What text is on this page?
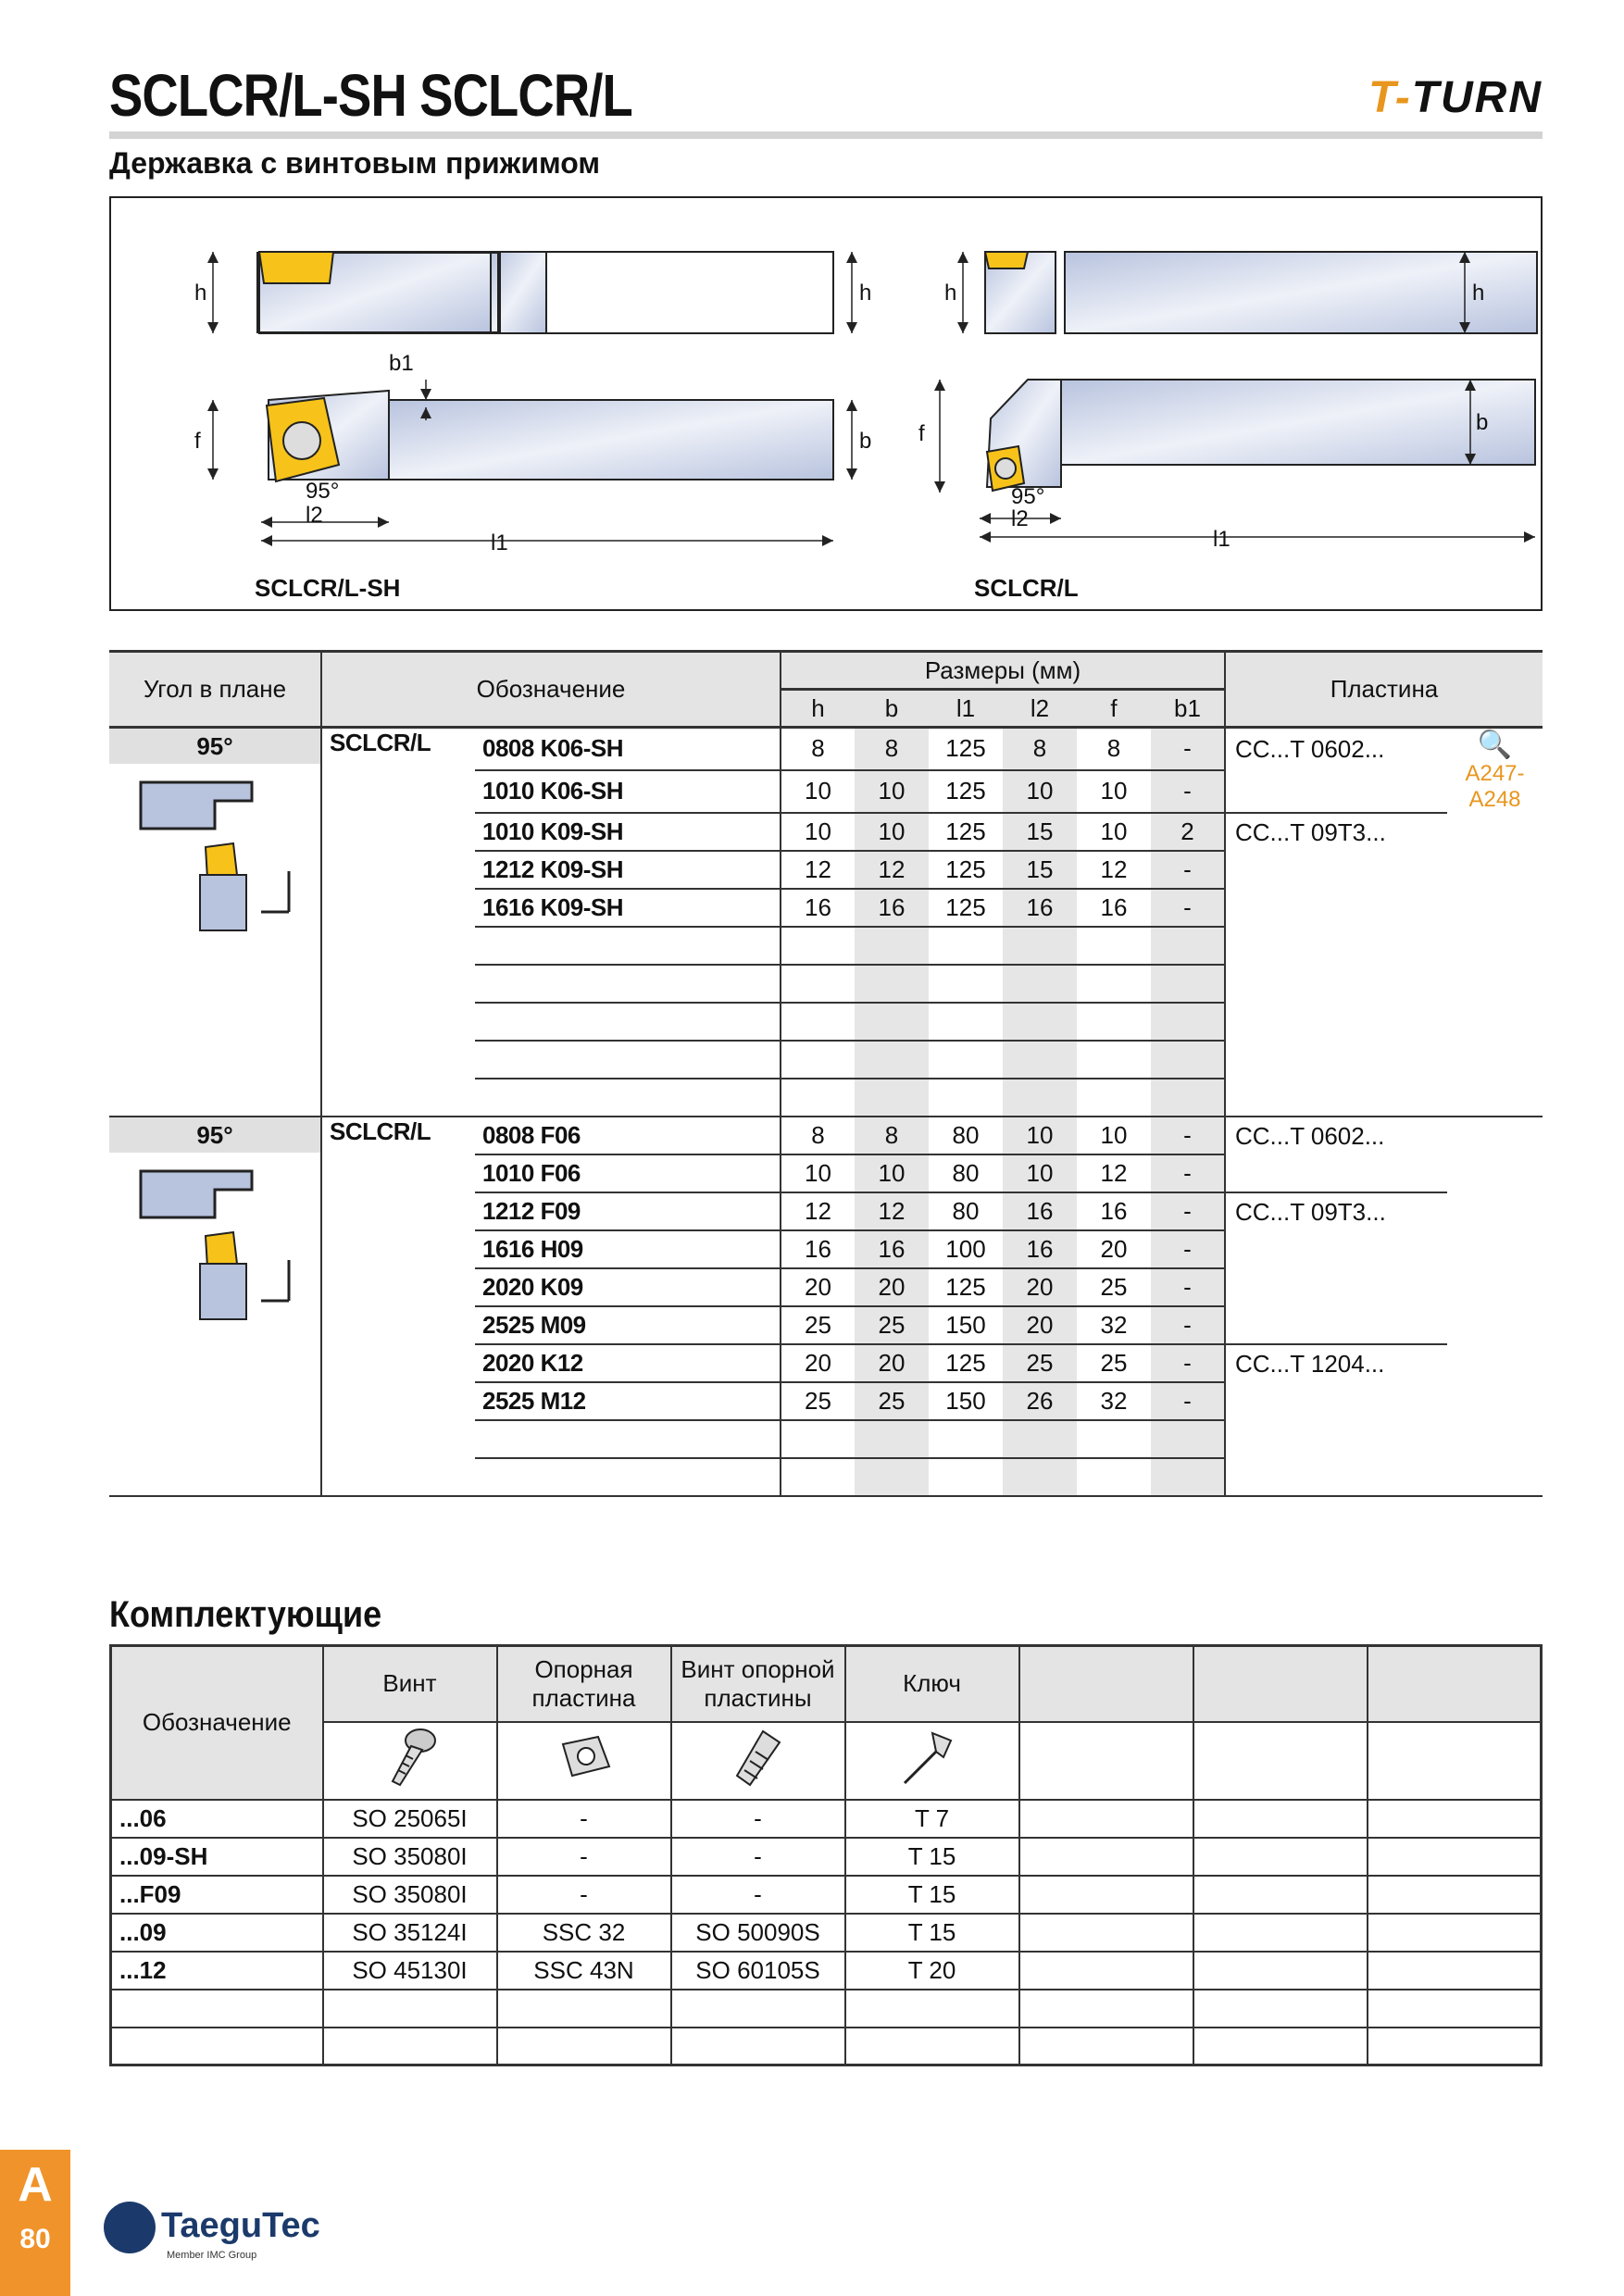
SCLCR/L-SH SCLCR/L	T-TURN
Державка с винтовым прижимом
h	h
f	b
b1
95°
l2
l1
h	h
f	b
95°
l2
l1
SCLCR/L-SH	SCLCR/L
Угол в плане	Обозначение		Размеры (мм)						Пластина	
			h	b	l1	l2	f	b1		

95°	SCLCR/L	0808 K06-SH	8	8	125	8	8	-	CC...T 0602...	🔍
A247-A248

		1010 K06-SH	10	10	125	10	10	-		
		1010 K09-SH	10	10	125	15	10	2	CC...T 09T3...	
		1212 K09-SH	12	12	125	15	12	-		
		1616 K09-SH	16	16	125	16	16	-		

95°	SCLCR/L	0808 F06	8	8	80	10	10	-	CC...T 0602...	
		1010 F06	10	10	80	10	12	-		
		1212 F09	12	12	80	16	16	-	CC...T 09T3...	
		1616 H09	16	16	100	16	20	-		
		2020 K09	20	20	125	20	25	-		
		2525 M09	25	25	150	20	32	-		
		2020 K12	20	20	125	25	25	-	CC...T 1204...	
		2525 M12	25	25	150	26	32	-		

Комплектующие
Обозначение	Винт	Опорная пластина	Винт опорной пластины	Ключ			

...06	SO 25065I	-	-	T 7			
...09-SH	SO 35080I	-	-	T 15			
...F09	SO 35080I	-	-	T 15			
...09	SO 35124I	SSC 32	SO 50090S	T 15			
...12	SO 45130I	SSC 43N	SO 60105S	T 20			

A
80	TaeguTec
Member IMC Group
